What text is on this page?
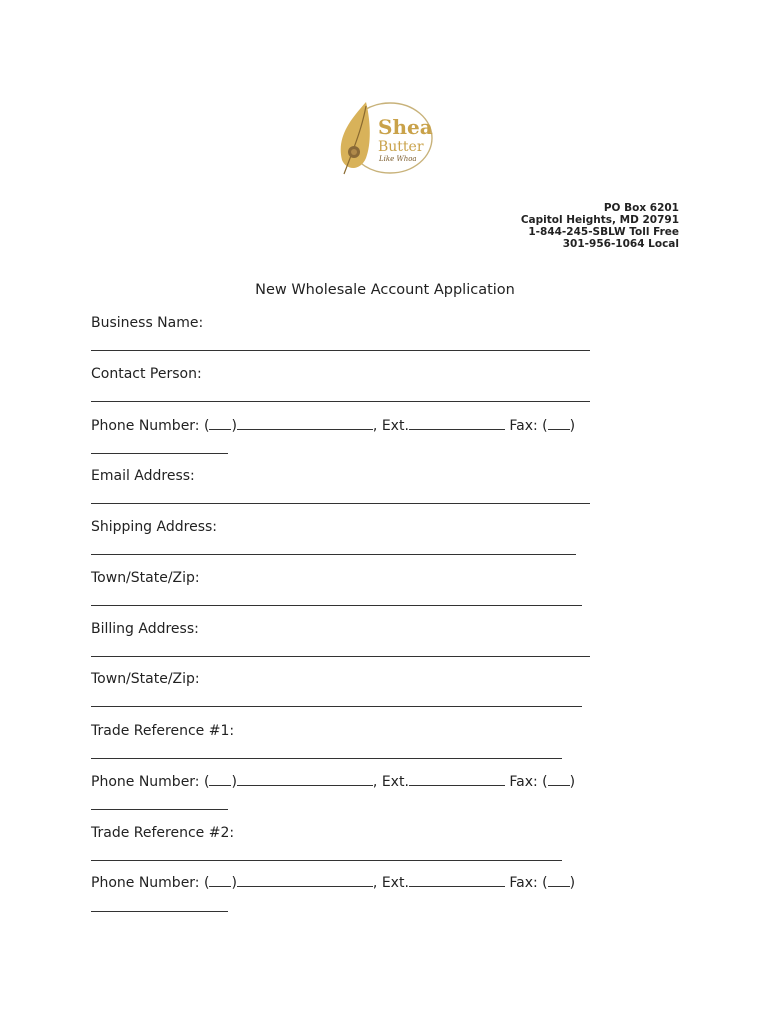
Shea
Butter
Like Whoa
PO Box 6201
Capitol Heights, MD 20791
1-844-245-SBLW Toll Free
301-956-1064 Local
New Wholesale Account Application
Business Name:
Contact Person:
Phone Number: ( )	, Ext.	Fax: ( )
Email Address:
Shipping Address:
Town/State/Zip:
Billing Address:
Town/State/Zip:
Trade Reference #1:
Phone Number: ( )	, Ext.	Fax: ( )
Trade Reference #2:
Phone Number: ( )	, Ext.	Fax: ( )
